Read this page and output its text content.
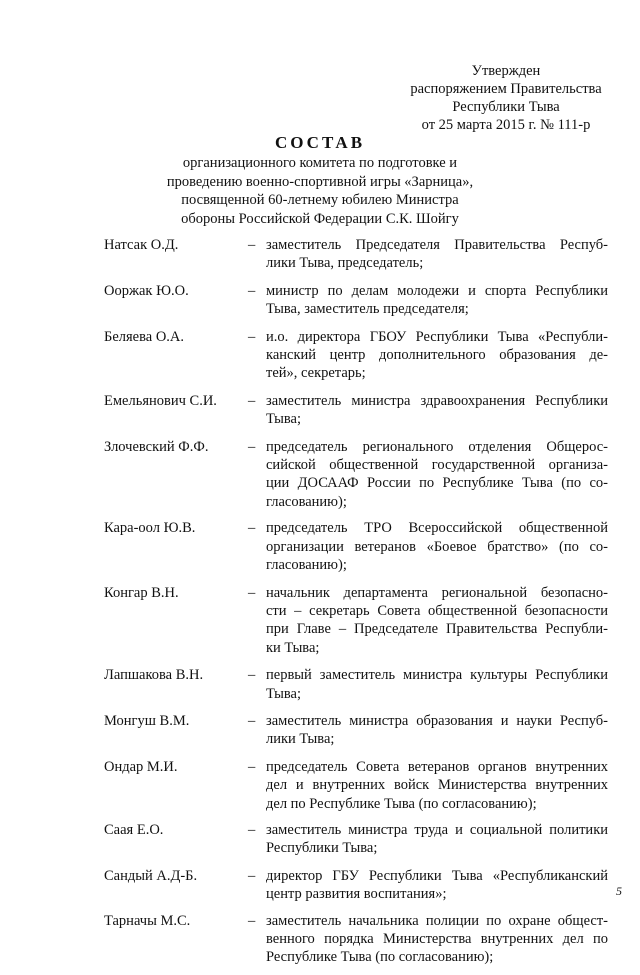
Утвержден
распоряжением Правительства
Республики Тыва
от 25 марта 2015 г. № 111-р
СОСТАВ
организационного комитета по подготовке и
проведению военно-спортивной игры «Зарница»,
посвященной 60-летнему юбилею Министра
обороны Российской Федерации С.К. Шойгу
Натсак О.Д.	– заместитель Председателя Правительства Респуб-
лики Тыва, председатель;
Ооржак Ю.О.	– министр по делам молодежи и спорта Республики
Тыва, заместитель председателя;
Беляева О.А.	– и.о. директора ГБОУ Республики Тыва «Республи-
канский центр дополнительного образования де-
тей», секретарь;
Емельянович С.И. – заместитель министра здравоохранения Республики
Тыва;
Злочевский Ф.Ф.	– председатель регионального отделения Общерос-
сийской общественной государственной организа-
ции ДОСААФ России по Республике Тыва (по со-
гласованию);
Кара-оол Ю.В.	– председатель ТРО Всероссийской общественной
организации ветеранов «Боевое братство» (по со-
гласованию);
Конгар В.Н.	– начальник департамента региональной безопасно-
сти – секретарь Совета общественной безопасности
при Главе – Председателе Правительства Республи-
ки Тыва;
Лапшакова В.Н.	– первый заместитель министра культуры Республики
Тыва;
Монгуш В.М.	– заместитель министра образования и науки Респуб-
лики Тыва;
Ондар М.И.	– председатель Совета ветеранов органов внутренних
дел и внутренних войск Министерства внутренних
дел по Республике Тыва (по согласованию);
Саая Е.О.	– заместитель министра труда и социальной политики
Республики Тыва;
Сандый А.Д-Б.	– директор ГБУ Республики Тыва «Республиканский
центр развития воспитания»;
Тарначы М.С.	– заместитель начальника полиции по охране общест-
венного порядка Министерства внутренних дел по
Республике Тыва (по согласованию);
5
